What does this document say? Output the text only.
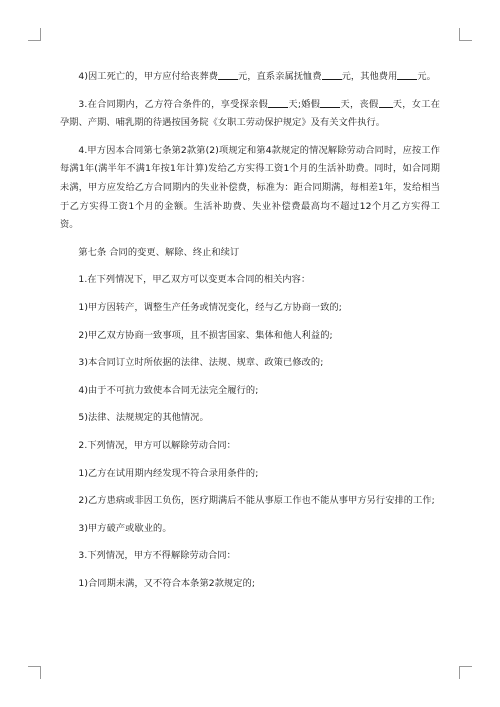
4)因工死亡的，甲方应付给丧葬费 元，直系亲属抚恤费 元，其他费用 元。

3.在合同期内，乙方符合条件的，享受探亲假 天;婚假 天，丧假 天，女工在孕期、产期、哺乳期的待遇按国务院《女职工劳动保护规定》及有关文件执行。

4.甲方因本合同第七条第2款第(2)项规定和第4款规定的情况解除劳动合同时，应按工作每满1年(满半年不满1年按1年计算)发给乙方实得工资1个月的生活补助费。同时，如合同期未满，甲方应发给乙方合同期内的失业补偿费，标准为：距合同期满，每相差1年，发给相当于乙方实得工资1个月的金额。生活补助费、失业补偿费最高均不超过12个月乙方实得工资。

第七条 合同的变更、解除、终止和续订

1.在下列情况下，甲乙双方可以变更本合同的相关内容：

1)甲方因转产，调整生产任务或情况变化，经与乙方协商一致的;

2)甲乙双方协商一致事项，且不损害国家、集体和他人利益的;

3)本合同订立时所依据的法律、法规、规章、政策已修改的;

4)由于不可抗力致使本合同无法完全履行的;

5)法律、法规规定的其他情况。

2.下列情况，甲方可以解除劳动合同：

1)乙方在试用期内经发现不符合录用条件的;

2)乙方患病或非因工负伤，医疗期满后不能从事原工作也不能从事甲方另行安排的工作;

3)甲方破产或歇业的。

3.下列情况，甲方不得解除劳动合同：

1)合同期未满，又不符合本条第2款规定的;
